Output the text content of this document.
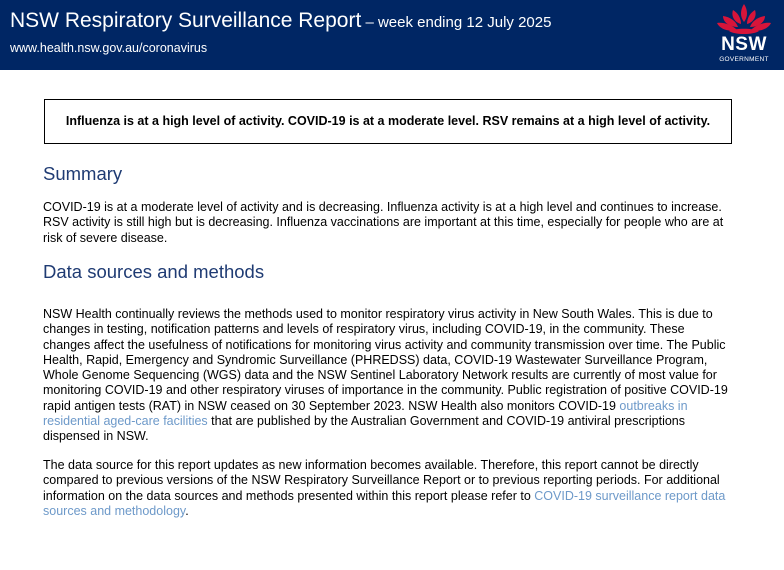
NSW Respiratory Surveillance Report – week ending 12 July 2025
www.health.nsw.gov.au/coronavirus	NSW
GOVERNMENT
Influenza is at a high level of activity. COVID-19 is at a moderate level. RSV remains at a high level of activity.
Summary
COVID-19 is at a moderate level of activity and is decreasing. Influenza activity is at a high level and continues to increase. RSV activity is still high but is decreasing. Influenza vaccinations are important at this time, especially for people who are at risk of severe disease.
Data sources and methods
NSW Health continually reviews the methods used to monitor respiratory virus activity in New South Wales. This is due to changes in testing, notification patterns and levels of respiratory virus, including COVID-19, in the community. These changes affect the usefulness of notifications for monitoring virus activity and community transmission over time. The Public Health, Rapid, Emergency and Syndromic Surveillance (PHREDSS) data, COVID-19 Wastewater Surveillance Program, Whole Genome Sequencing (WGS) data and the NSW Sentinel Laboratory Network results are currently of most value for monitoring COVID-19 and other respiratory viruses of importance in the community. Public registration of positive COVID-19 rapid antigen tests (RAT) in NSW ceased on 30 September 2023. NSW Health also monitors COVID-19 outbreaks in residential aged-care facilities that are published by the Australian Government and COVID-19 antiviral prescriptions dispensed in NSW.
The data source for this report updates as new information becomes available. Therefore, this report cannot be directly compared to previous versions of the NSW Respiratory Surveillance Report or to previous reporting periods. For additional information on the data sources and methods presented within this report please refer to COVID-19 surveillance report data sources and methodology.
